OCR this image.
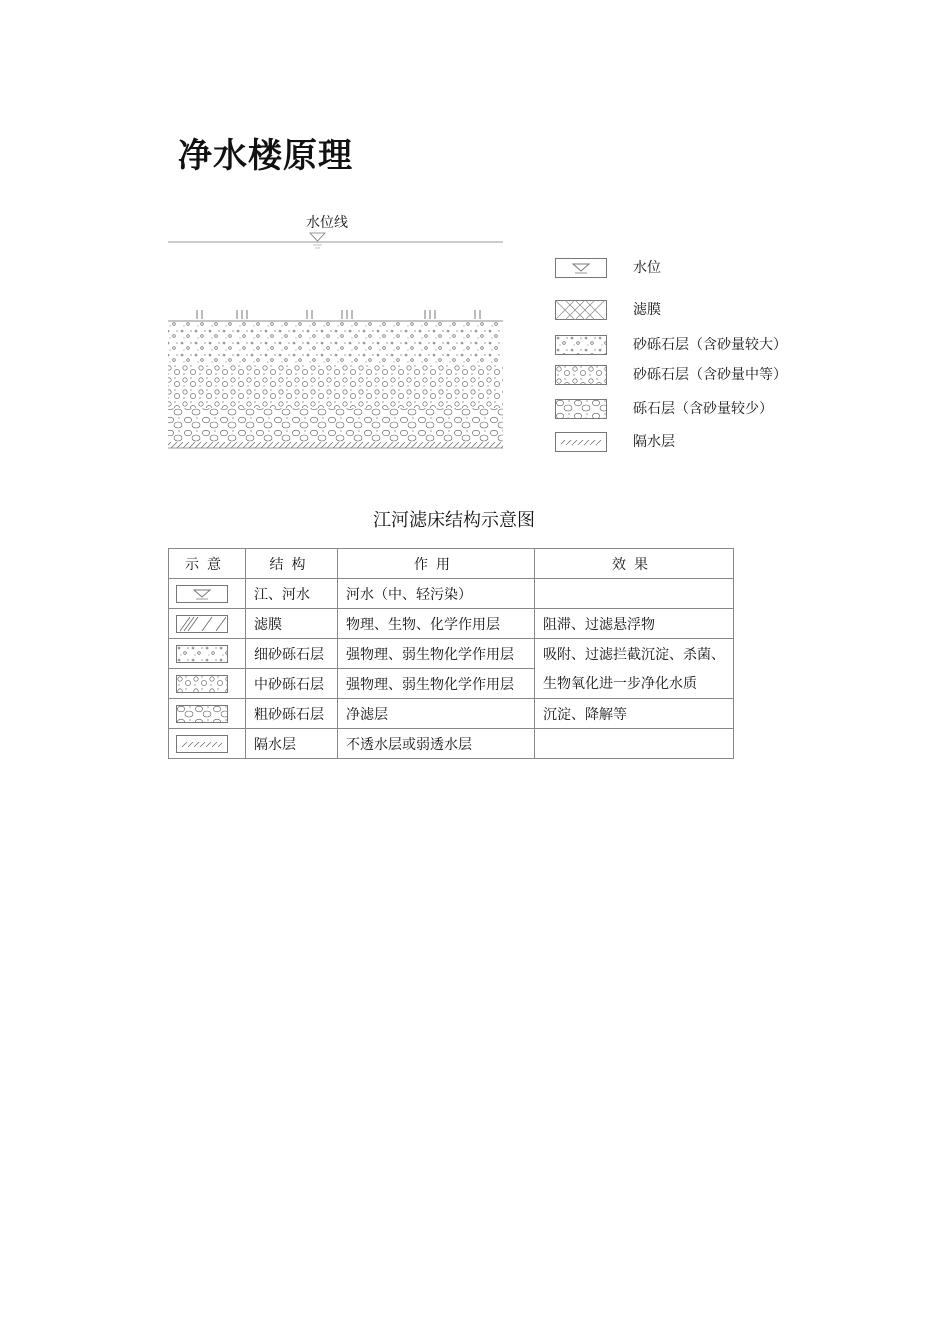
净水楼原理
水位线
水位
滤膜
砂砾石层（含砂量较大）
砂砾石层（含砂量中等）
砾石层（含砂量较少）
隔水层
江河滤床结构示意图
示意	结构	作用	效果

	江、河水	河水（中、轻污染）	

	滤膜	物理、生物、化学作用层	阻滞、过滤悬浮物

	细砂砾石层	强物理、弱生物化学作用层	吸附、过滤拦截沉淀、杀菌、

	中砂砾石层	强物理、弱生物化学作用层	生物氧化进一步净化水质

	粗砂砾石层	净滤层	沉淀、降解等

	隔水层	不透水层或弱透水层	
